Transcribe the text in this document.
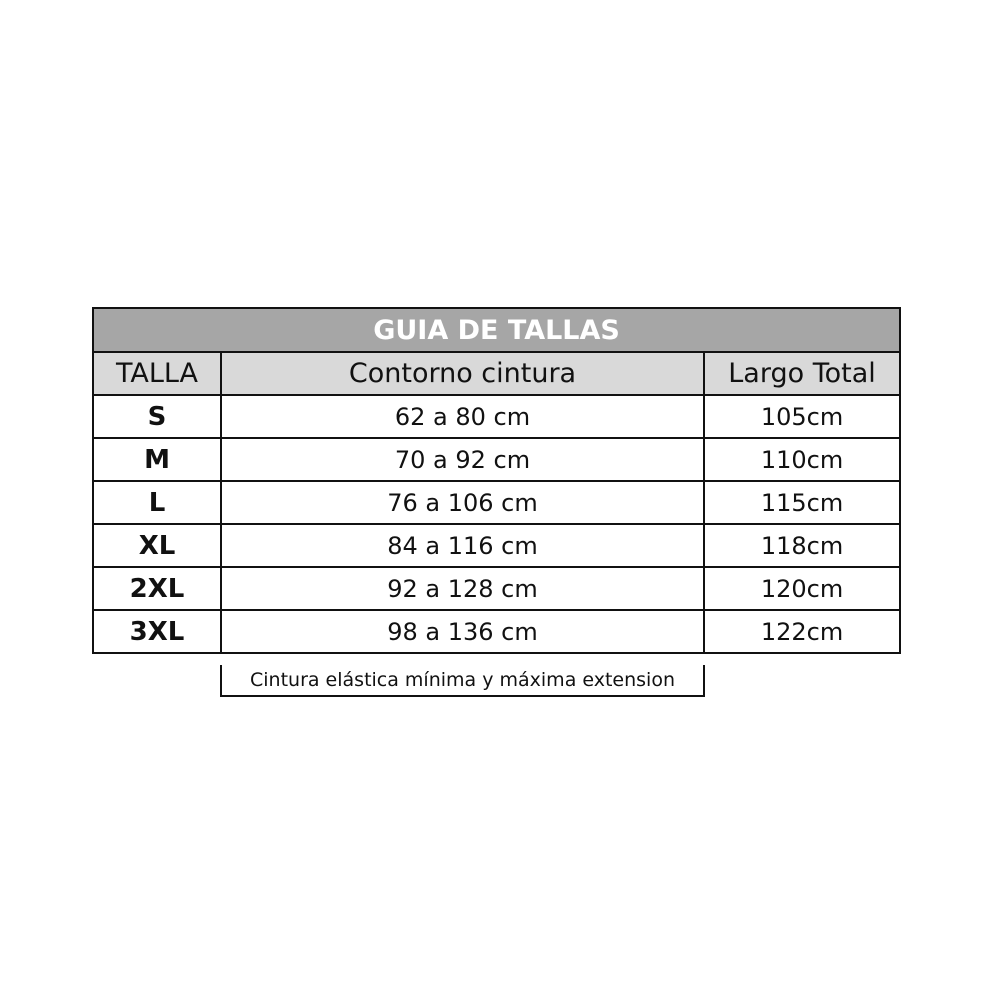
GUIA DE TALLAS		
TALLA	Contorno cintura	Largo Total
S	62 a 80 cm	105cm
M	70 a 92 cm	110cm
L	76 a 106 cm	115cm
XL	84 a 116 cm	118cm
2XL	92 a 128 cm	120cm
3XL	98 a 136 cm	122cm
Cintura elástica mínima y máxima extension
